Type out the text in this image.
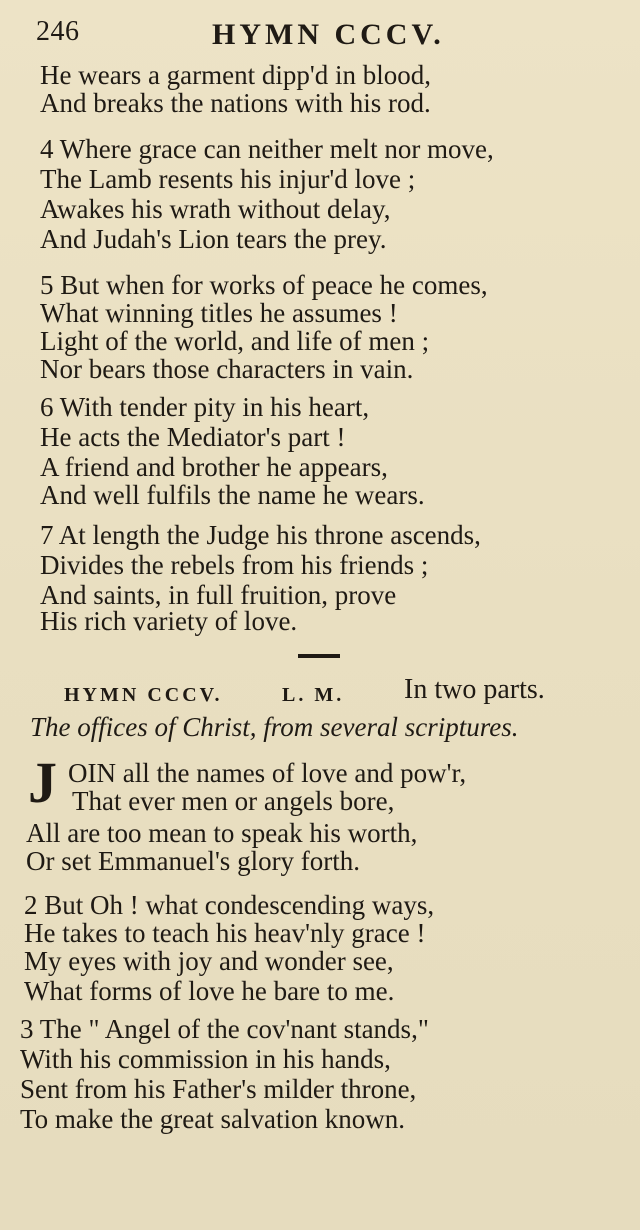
246	HYMN CCCV.
He wears a garment dipp'd in blood,
And breaks the nations with his rod.
4 Where grace can neither melt nor move,
The Lamb resents his injur'd love ;
Awakes his wrath without delay,
And Judah's Lion tears the prey.
5 But when for works of peace he comes,
What winning titles he assumes !
Light of the world, and life of men ;
Nor bears those characters in vain.
6 With tender pity in his heart,
He acts the Mediator's part !
A friend and brother he appears,
And well fulfils the name he wears.
7 At length the Judge his throne ascends,
Divides the rebels from his friends ;
And saints, in full fruition, prove
His rich variety of love.
HYMN CCCV.	L. M. In two parts.
The offices of Christ, from several scriptures.
J OIN all the names of love and pow'r,
That ever men or angels bore,
All are too mean to speak his worth,
Or set Emmanuel's glory forth.
2 But Oh ! what condescending ways,
He takes to teach his heav'nly grace !
My eyes with joy and wonder see,
What forms of love he bare to me.
3 The " Angel of the cov'nant stands,"
With his commission in his hands,
Sent from his Father's milder throne,
To make the great salvation known.
